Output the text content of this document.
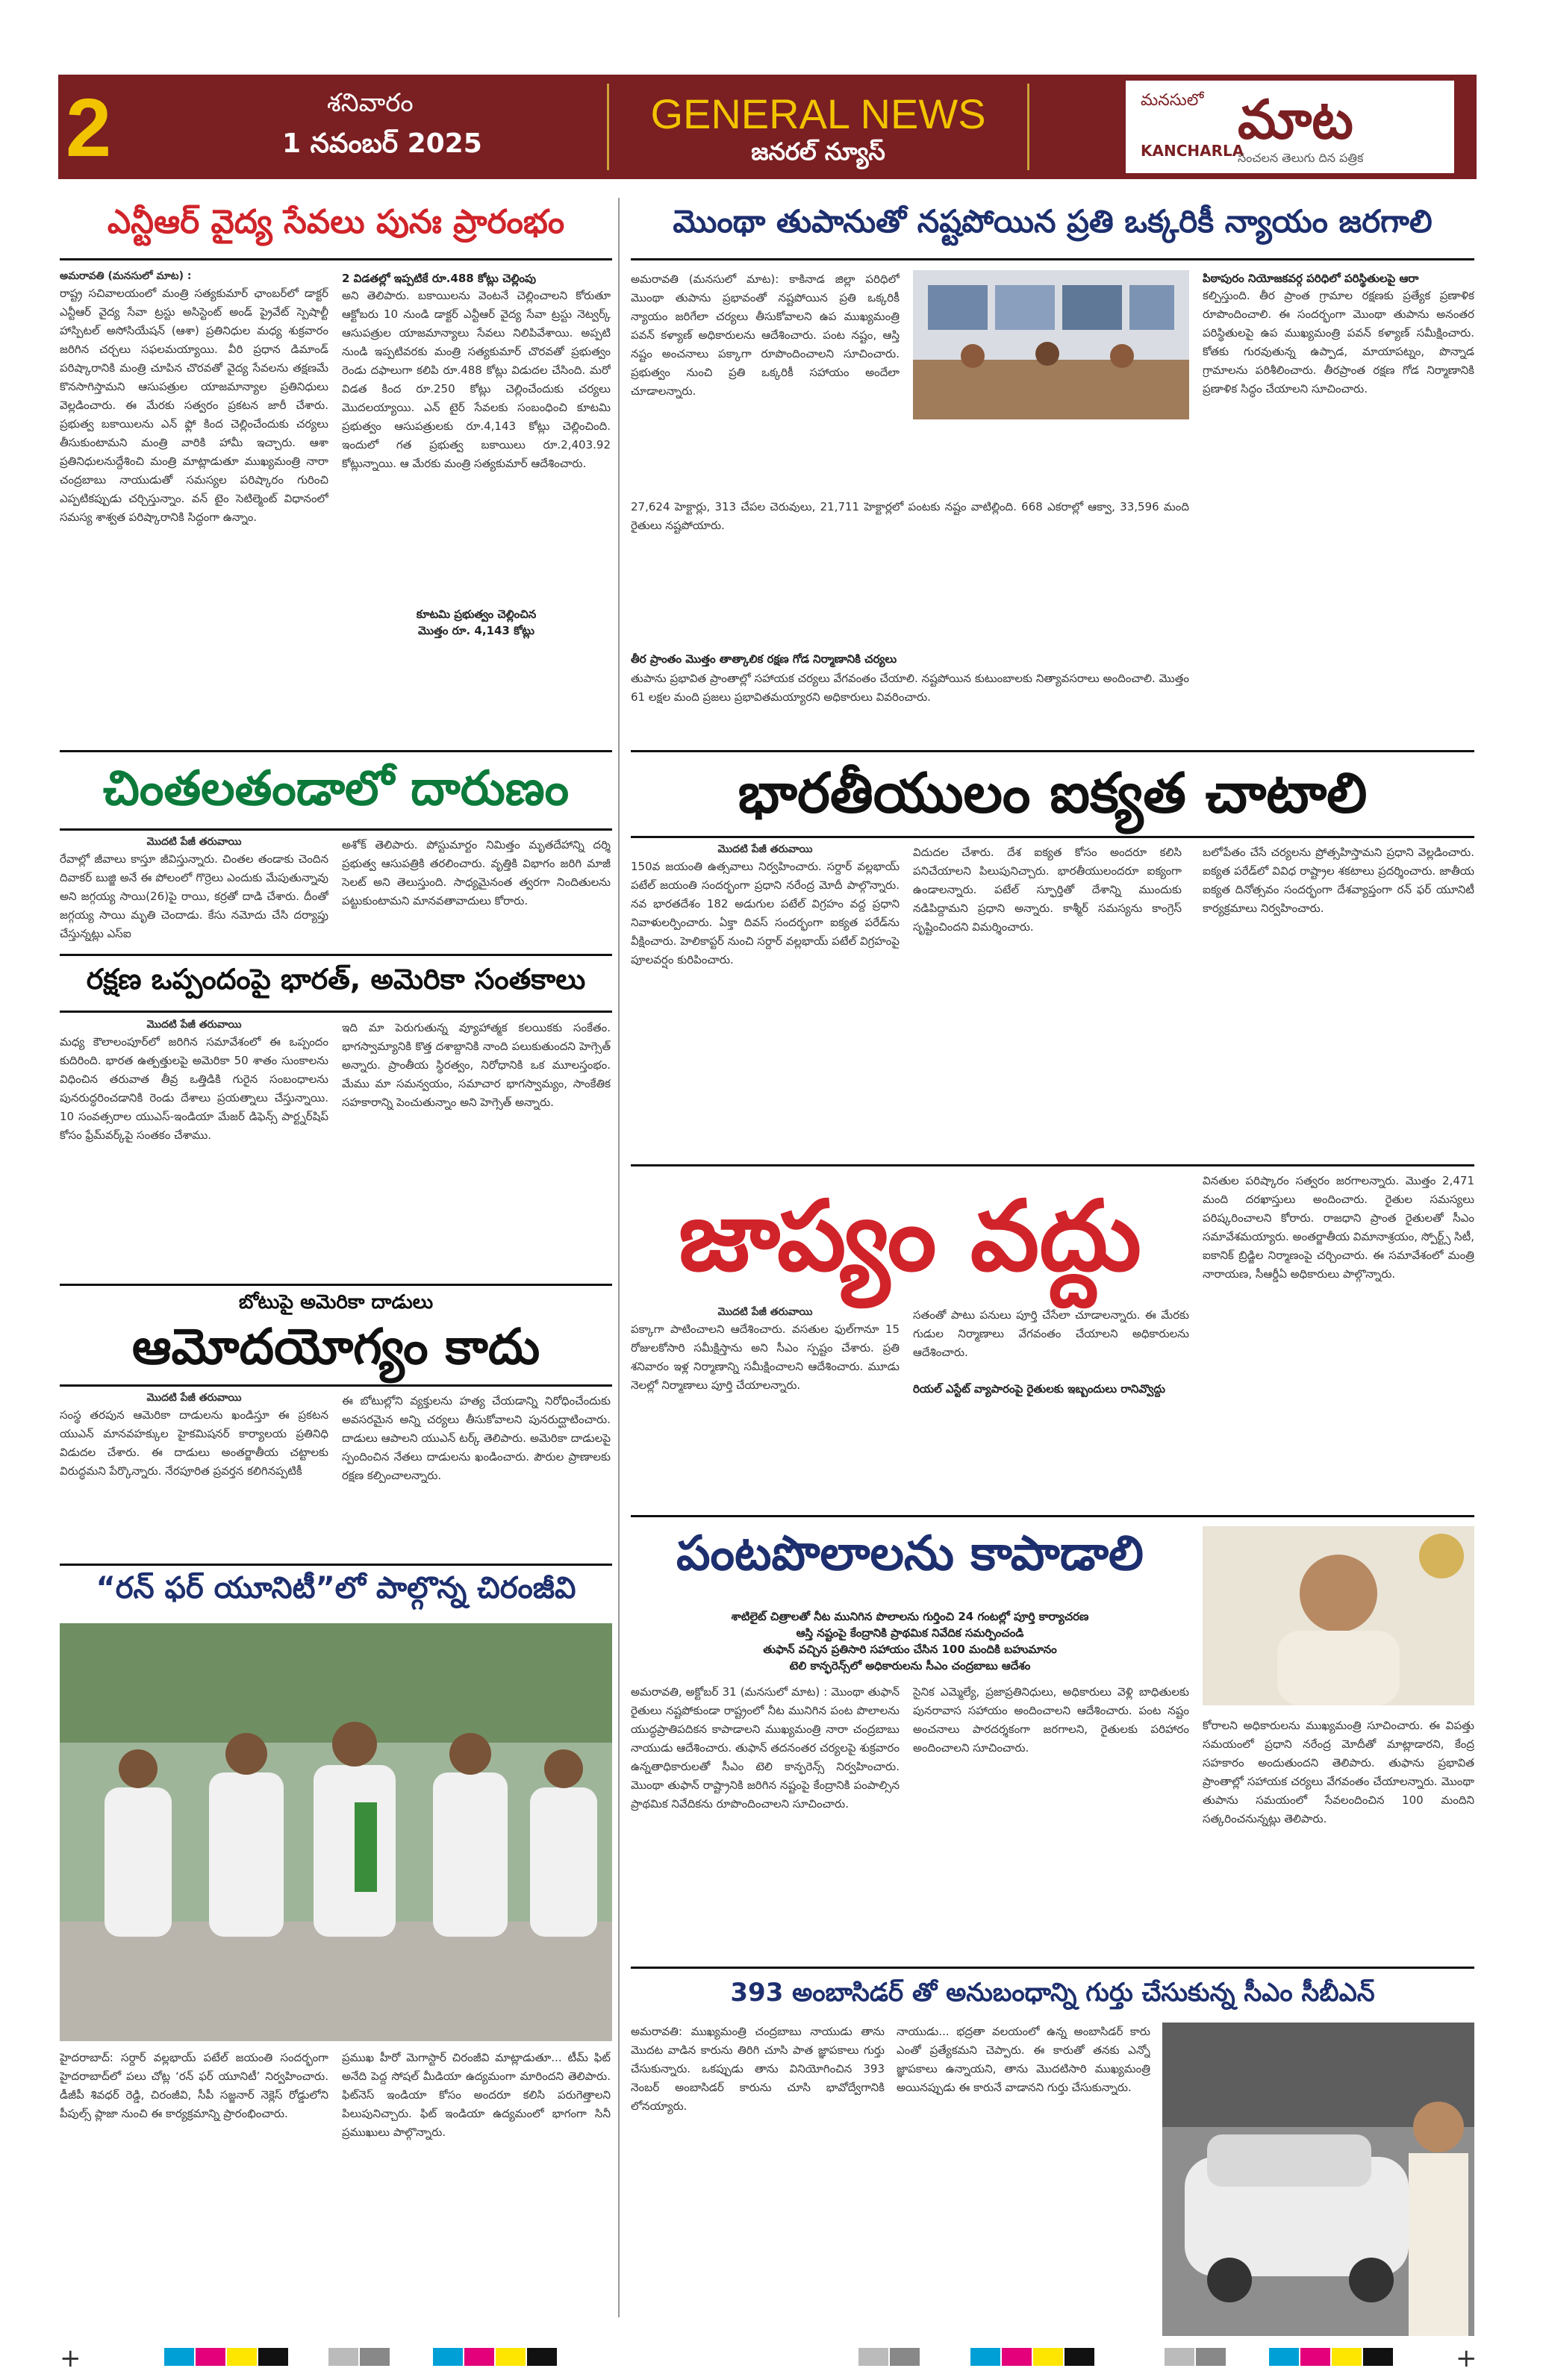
2	శనివారం
1 నవంబర్ 2025
GENERAL NEWS
జనరల్ న్యూస్
మనసులో మాట
KANCHARLA
సంచలన తెలుగు దిన పత్రిక
ఎన్టీఆర్ వైద్య సేవలు పునః ప్రారంభం
అమరావతి (మనసులో మాట) :
రాష్ట్ర సచివాలయంలో మంత్రి సత్యకుమార్ ఛాంబర్‌లో డాక్టర్ ఎన్టీఆర్ వైద్య సేవా ట్రస్టు అసిస్టెంట్ అండ్ ప్రైవేట్ స్పెషాల్టీ హాస్పిటల్ అసోసియేషన్ (ఆశా) ప్రతినిధుల మధ్య శుక్రవారం జరిగిన చర్చలు సఫలమయ్యాయి. వీరి ప్రధాన డిమాండ్ పరిష్కారానికి మంత్రి చూపిన చొరవతో వైద్య సేవలను తక్షణమే కొనసాగిస్తామని ఆసుపత్రుల యాజమాన్యాల ప్రతినిధులు వెల్లడించారు. ఈ మేరకు సత్వరం ప్రకటన జారీ చేశారు. ప్రభుత్వ బకాయిలను ఎన్ ఫ్లో కింద చెల్లించేందుకు చర్యలు తీసుకుంటామని మంత్రి వారికి హామీ ఇచ్చారు. ఆశా ప్రతినిధులనుద్దేశించి మంత్రి మాట్లాడుతూ ముఖ్యమంత్రి నారా చంద్రబాబు నాయుడుతో సమస్యల పరిష్కారం గురించి ఎప్పటికప్పుడు చర్చిస్తున్నాం. వన్ టైం సెటిల్మెంట్ విధానంలో సమస్య శాశ్వత పరిష్కారానికి సిద్ధంగా ఉన్నాం.
2 విడతల్లో ఇప్పటికే రూ.488 కోట్లు చెల్లింపు
అని తెలిపారు. బకాయిలను వెంటనే చెల్లించాలని కోరుతూ ఆక్టోబరు 10 నుండి డాక్టర్ ఎన్టీఆర్ వైద్య సేవా ట్రస్టు నెట్వర్క్ ఆసుపత్రుల యాజమాన్యాలు సేవలు నిలిపివేశాయి. అప్పటి నుండి ఇప్పటివరకు మంత్రి సత్యకుమార్ చొరవతో ప్రభుత్వం రెండు దఫాలుగా కలిపి రూ.488 కోట్లు విడుదల చేసింది. మరో విడత కింద రూ.250 కోట్లు చెల్లించేందుకు చర్యలు మొదలయ్యాయి. ఎన్ టైర్ సేవలకు సంబంధించి కూటమి ప్రభుత్వం ఆసుపత్రులకు రూ.4,143 కోట్లు చెల్లించింది. ఇందులో గత ప్రభుత్వ బకాయిలు రూ.2,403.92 కోట్లున్నాయి. ఆ మేరకు మంత్రి సత్యకుమార్ ఆదేశించారు.
కూటమి ప్రభుత్వం చెల్లించిన
మొత్తం రూ. 4,143 కోట్లు
మొంథా తుపానుతో నష్టపోయిన ప్రతి ఒక్కరికీ న్యాయం జరగాలి
అమరావతి (మనసులో మాట): కాకినాడ జిల్లా పరిధిలో మొంథా తుపాను ప్రభావంతో నష్టపోయిన ప్రతి ఒక్కరికీ న్యాయం జరిగేలా చర్యలు తీసుకోవాలని ఉప ముఖ్యమంత్రి పవన్ కళ్యాణ్ అధికారులను ఆదేశించారు. పంట నష్టం, ఆస్తి నష్టం అంచనాలు పక్కాగా రూపొందించాలని సూచించారు. ప్రభుత్వం నుంచి ప్రతి ఒక్కరికీ సహాయం అందేలా చూడాలన్నారు.
27,624 హెక్టార్లు, 313 చేపల చెరువులు, 21,711 హెక్టార్లలో పంటకు నష్టం వాటిల్లింది. 668 ఎకరాల్లో ఆక్వా, 33,596 మంది రైతులు నష్టపోయారు.
తీర ప్రాంతం మొత్తం తాత్కాలిక రక్షణ గోడ నిర్మాణానికి చర్యలు
తుపాను ప్రభావిత ప్రాంతాల్లో సహాయక చర్యలు వేగవంతం చేయాలి. నష్టపోయిన కుటుంబాలకు నిత్యావసరాలు అందించాలి. మొత్తం 61 లక్షల మంది ప్రజలు ప్రభావితమయ్యారని అధికారులు వివరించారు.
పిఠాపురం నియోజకవర్గ పరిధిలో పరిస్థితులపై ఆరా
కల్పిస్తుంది. తీర ప్రాంత గ్రామాల రక్షణకు ప్రత్యేక ప్రణాళిక రూపొందించాలి. ఈ సందర్భంగా మొంథా తుపాను అనంతర పరిస్థితులపై ఉప ముఖ్యమంత్రి పవన్ కళ్యాణ్ సమీక్షించారు. కోతకు గురవుతున్న ఉప్పాడ, మాయాపట్నం, పొన్నాడ గ్రామాలను పరిశీలించారు. తీరప్రాంత రక్షణ గోడ నిర్మాణానికి ప్రణాళిక సిద్ధం చేయాలని సూచించారు.
చింతలతండాలో దారుణం
మొదటి పేజీ తరువాయి
రేవాల్లో జీవాలు కాస్తూ జీవిస్తున్నారు. చింతల తండాకు చెందిన దివాకర్ బుజ్జి అనే ఈ పోలంలో గొర్రెలు ఎందుకు మేపుతున్నావు అని జగ్గయ్య సాయి(26)పై రాయి, కర్రతో దాడి చేశారు. దీంతో జగ్గయ్య సాయి మృతి చెందాడు. కేసు నమోదు చేసి దర్యాప్తు చేస్తున్నట్లు ఎస్ఐ
అశోక్ తెలిపారు. పోస్టుమార్టం నిమిత్తం మృతదేహాన్ని దర్శి ప్రభుత్వ ఆసుపత్రికి తరలించారు. వృత్తికి విభాగం జరిగి మాజీ సెలట్ అని తెలుస్తుంది. సాధ్యమైనంత త్వరగా నిందితులను పట్టుకుంటామని మానవతావాదులు కోరారు.
భారతీయులం ఐక్యత చాటాలి
మొదటి పేజీ తరువాయి
150వ జయంతి ఉత్సవాలు నిర్వహించారు. సర్దార్ వల్లభాయ్ పటేల్ జయంతి సందర్భంగా ప్రధాని నరేంద్ర మోదీ పాల్గొన్నారు. నవ భారతదేశం 182 అడుగుల పటేల్ విగ్రహం వద్ద ప్రధాని నివాళులర్పించారు. ఏక్తా దివస్ సందర్భంగా ఐక్యత పరేడ్‌ను వీక్షించారు. హెలికాప్టర్ నుంచి సర్దార్ వల్లభాయ్ పటేల్ విగ్రహంపై పూలవర్షం కురిపించారు.
విదుదల చేశారు. దేశ ఐక్యత కోసం అందరూ కలిసి పనిచేయాలని పిలుపునిచ్చారు. భారతీయులందరూ ఐక్యంగా ఉండాలన్నారు. పటేల్ స్ఫూర్తితో దేశాన్ని ముందుకు నడిపిద్దామని ప్రధాని అన్నారు. కాశ్మీర్ సమస్యను కాంగ్రెస్ సృష్టించిందని విమర్శించారు.
బలోపేతం చేసే చర్యలను ప్రోత్సహిస్తామని ప్రధాని వెల్లడించారు. ఐక్యత పరేడ్‌లో వివిధ రాష్ట్రాల శకటాలు ప్రదర్శించారు. జాతీయ ఐక్యత దినోత్సవం సందర్భంగా దేశవ్యాప్తంగా రన్ ఫర్ యూనిటీ కార్యక్రమాలు నిర్వహించారు.
రక్షణ ఒప్పందంపై భారత్, అమెరికా సంతకాలు
మొదటి పేజీ తరువాయి
మధ్య కౌలాలంపూర్‌లో జరిగిన సమావేశంలో ఈ ఒప్పందం కుదిరింది. భారత ఉత్పత్తులపై అమెరికా 50 శాతం సుంకాలను విధించిన తరువాత తీవ్ర ఒత్తిడికి గురైన సంబంధాలను పునరుద్ధరించడానికి రెండు దేశాలు ప్రయత్నాలు చేస్తున్నాయి. 10 సంవత్సరాల యుఎస్-ఇండియా మేజర్ డిఫెన్స్ పార్ట్నర్‌షిప్ కోసం ఫ్రేమ్‌వర్క్‌పై సంతకం చేశాము.
ఇది మా పెరుగుతున్న వ్యూహాత్మక కలయికకు సంకేతం. భాగస్వామ్యానికి కొత్త దశాబ్దానికి నాంది పలుకుతుందని హెగ్సెత్ అన్నారు. ప్రాంతీయ స్థిరత్వం, నిరోధానికి ఒక మూలస్తంభం. మేము మా సమన్వయం, సమాచార భాగస్వామ్యం, సాంకేతిక సహకారాన్ని పెంచుతున్నాం అని హెగ్సెత్ అన్నారు.
బోటుపై అమెరికా దాడులు
ఆమోదయోగ్యం కాదు
మొదటి పేజీ తరువాయి
సంస్థ తరపున ఆమెరికా దాడులను ఖండిస్తూ ఈ ప్రకటన యుఎన్ మానవహక్కుల హైకమిషనర్ కార్యాలయ ప్రతినిధి విడుదల చేశారు. ఈ దాడులు అంతర్జాతీయ చట్టాలకు విరుద్ధమని పేర్కొన్నారు. నేరపూరిత ప్రవర్తన కలిగినప్పటికీ
ఈ బోటుల్లోని వ్యక్తులను హత్య చేయడాన్ని నిరోధించేందుకు అవసరమైన అన్ని చర్యలు తీసుకోవాలని పునరుద్ఘాటించారు. దాడులు ఆపాలని యుఎన్ టర్క్ తెలిపారు. అమెరికా దాడులపై స్పందించిన నేతలు దాడులను ఖండించారు. పౌరుల ప్రాణాలకు రక్షణ కల్పించాలన్నారు.
జాప్యం వద్దు
మొదటి పేజీ తరువాయి
పక్కాగా పాటించాలని ఆదేశించారు. వసతుల ఫుల్‌గానూ 15 రోజులకోసారి సమీక్షిస్తాను అని సీఎం స్పష్టం చేశారు. ప్రతి శనివారం ఇళ్ల నిర్మాణాన్ని సమీక్షించాలని ఆదేశించారు. మూడు నెలల్లో నిర్మాణాలు పూర్తి చేయాలన్నారు.
సతంతో పాటు పనులు పూర్తి చేసేలా చూడాలన్నారు. ఈ మేరకు గుడుల నిర్మాణాలు వేగవంతం చేయాలని అధికారులను ఆదేశించారు.
రియల్ ఎస్టేట్ వ్యాపారంపై రైతులకు ఇబ్బందులు రానివ్వొద్దు
వినతుల పరిష్కారం సత్వరం జరగాలన్నారు. మొత్తం 2,471 మంది దరఖాస్తులు అందించారు. రైతుల సమస్యలు పరిష్కరించాలని కోరారు. రాజధాని ప్రాంత రైతులతో సీఎం సమావేశమయ్యారు. అంతర్జాతీయ విమానాశ్రయం, స్పోర్ట్స్ సిటీ, ఐకానిక్ బ్రిడ్జిల నిర్మాణంపై చర్చించారు. ఈ సమావేశంలో మంత్రి నారాయణ, సీఆర్డీఏ అధికారులు పాల్గొన్నారు.
“రన్ ఫర్ యూనిటీ”లో పాల్గొన్న చిరంజీవి
హైదరాబాద్: సర్దార్ వల్లభాయ్ పటేల్ జయంతి సందర్భంగా హైదరాబాద్‌లో పలు చోట్ల ‘రన్ ఫర్ యూనిటీ’ నిర్వహించారు. డీజీపీ శివధర్ రెడ్డి, చిరంజీవి, సీపీ సజ్జనార్ నెక్లెస్ రోడ్డులోని పీపుల్స్ ప్లాజా నుంచి ఈ కార్యక్రమాన్ని ప్రారంభించారు.
ప్రముఖ హీరో మెగాస్టార్ చిరంజీవి మాట్లాడుతూ... టీమ్ ఫిట్ అనేది పెద్ద సోషల్ మీడియా ఉద్యమంగా మారిందని తెలిపారు. ఫిట్‌నెస్ ఇండియా కోసం అందరూ కలిసి పరుగెత్తాలని పిలుపునిచ్చారు. ఫిట్ ఇండియా ఉద్యమంలో భాగంగా సినీ ప్రముఖులు పాల్గొన్నారు.
పంటపొలాలను కాపాడాలి
శాటిలైట్ చిత్రాలతో నీట మునిగిన పొలాలను గుర్తించి 24 గంటల్లో పూర్తి కార్యాచరణ
ఆస్తి నష్టంపై కేంద్రానికి ప్రాథమిక నివేదిక సమర్పించండి
తుఫాన్ వచ్చిన ప్రతిసారి సహాయం చేసిన 100 మందికి బహుమానం
టెలి కాన్ఫరెన్స్‌లో అధికారులను సీఎం చంద్రబాబు ఆదేశం
అమరావతి, అక్టోబర్ 31 (మనసులో మాట) : మొంథా తుఫాన్ రైతులు నష్టపోకుండా రాష్ట్రంలో నీట మునిగిన పంట పొలాలను యుద్ధప్రాతిపదికన కాపాడాలని ముఖ్యమంత్రి నారా చంద్రబాబు నాయుడు ఆదేశించారు. తుఫాన్ తదనంతర చర్యలపై శుక్రవారం ఉన్నతాధికారులతో సీఎం టెలి కాన్ఫరెన్స్ నిర్వహించారు. మొంథా తుఫాన్ రాష్ట్రానికి జరిగిన నష్టంపై కేంద్రానికి పంపాల్సిన ప్రాథమిక నివేదికను రూపొందించాలని సూచించారు.
సైనిక ఎమ్మెల్యే, ప్రజాప్రతినిధులు, అధికారులు వెళ్లి బాధితులకు పునరావాస సహాయం అందించాలని ఆదేశించారు. పంట నష్టం అంచనాలు పారదర్శకంగా జరగాలని, రైతులకు పరిహారం అందించాలని సూచించారు.
కోరాలని అధికారులను ముఖ్యమంత్రి సూచించారు. ఈ విపత్తు సమయంలో ప్రధాని నరేంద్ర మోదీతో మాట్లాడారని, కేంద్ర సహకారం అందుతుందని తెలిపారు. తుఫాను ప్రభావిత ప్రాంతాల్లో సహాయక చర్యలు వేగవంతం చేయాలన్నారు. మొంథా తుపాను సమయంలో సేవలందించిన 100 మందిని సత్కరించనున్నట్లు తెలిపారు.
393 అంబాసిడర్ తో అనుబంధాన్ని గుర్తు చేసుకున్న సీఎం సీబీఎన్
అమరావతి: ముఖ్యమంత్రి చంద్రబాబు నాయుడు తాను మొదట వాడిన కారును తిరిగి చూసి పాత జ్ఞాపకాలు గుర్తు చేసుకున్నారు. ఒకప్పుడు తాను వినియోగించిన 393 నెంబర్ అంబాసిడర్ కారును చూసి భావోద్వేగానికి లోనయ్యారు.
నాయుడు... భద్రతా వలయంలో ఉన్న అంబాసిడర్ కారు ఎంతో ప్రత్యేకమని చెప్పారు. ఈ కారుతో తనకు ఎన్నో జ్ఞాపకాలు ఉన్నాయని, తాను మొదటిసారి ముఖ్యమంత్రి అయినప్పుడు ఈ కారునే వాడానని గుర్తు చేసుకున్నారు.
+	+
